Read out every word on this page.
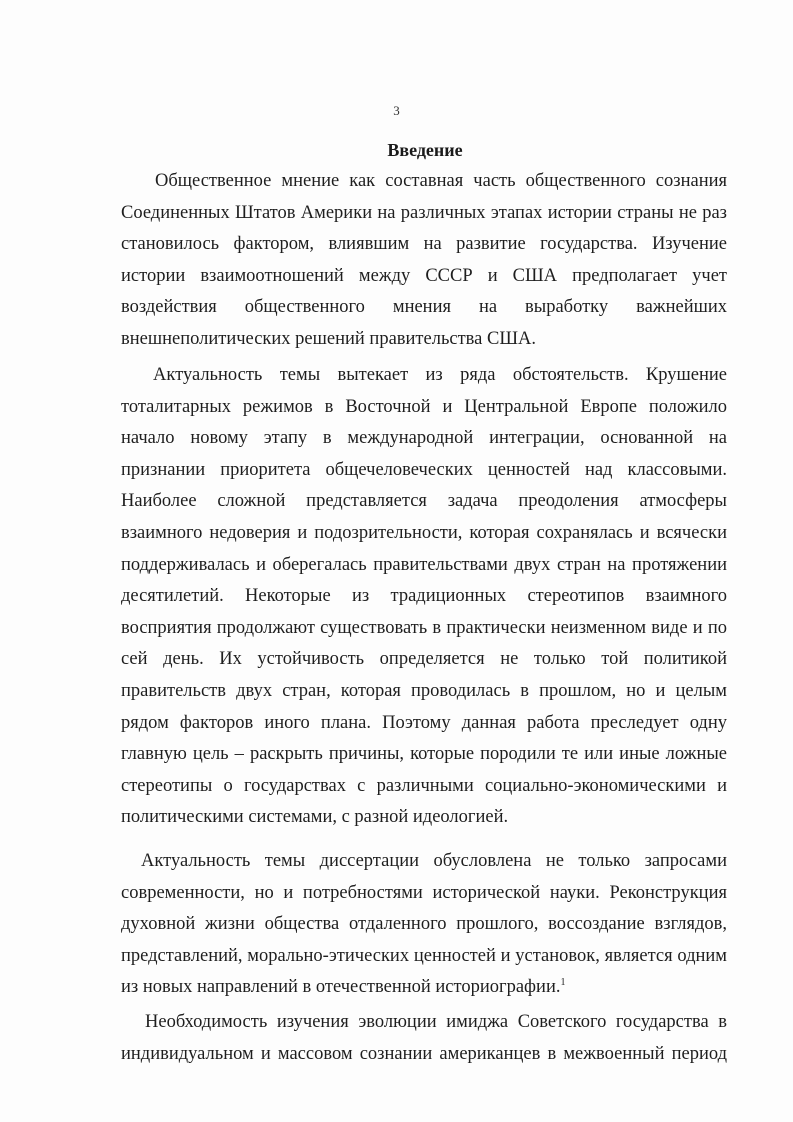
3
Введение

Общественное мнение как составная часть общественного сознания Соединенных Штатов Америки на различных этапах истории страны не раз становилось фактором, влиявшим на развитие государства. Изучение истории взаимоотношений между СССР и США предполагает учет воздействия общественного мнения на выработку важнейших внешнеполитических решений правительства США.

Актуальность темы вытекает из ряда обстоятельств. Крушение тоталитарных режимов в Восточной и Центральной Европе положило начало новому этапу в международной интеграции, основанной на признании приоритета общечеловеческих ценностей над классовыми. Наиболее сложной представляется задача преодоления атмосферы взаимного недоверия и подозрительности, которая сохранялась и всячески поддерживалась и оберегалась правительствами двух стран на протяжении десятилетий. Некоторые из традиционных стереотипов взаимного восприятия продолжают существовать в практически неизменном виде и по сей день. Их устойчивость определяется не только той политикой правительств двух стран, которая проводилась в прошлом, но и целым рядом факторов иного плана. Поэтому данная работа преследует одну главную цель – раскрыть причины, которые породили те или иные ложные стереотипы о государствах с различными социально-экономическими и политическими системами, с разной идеологией.

Актуальность темы диссертации обусловлена не только запросами современности, но и потребностями исторической науки. Реконструкция духовной жизни общества отдаленного прошлого, воссоздание взглядов, представлений, морально-этических ценностей и установок, является одним из новых направлений в отечественной историографии.$^1$

Необходимость изучения эволюции имиджа Советского государства в индивидуальном и массовом сознании американцев в межвоенный период
